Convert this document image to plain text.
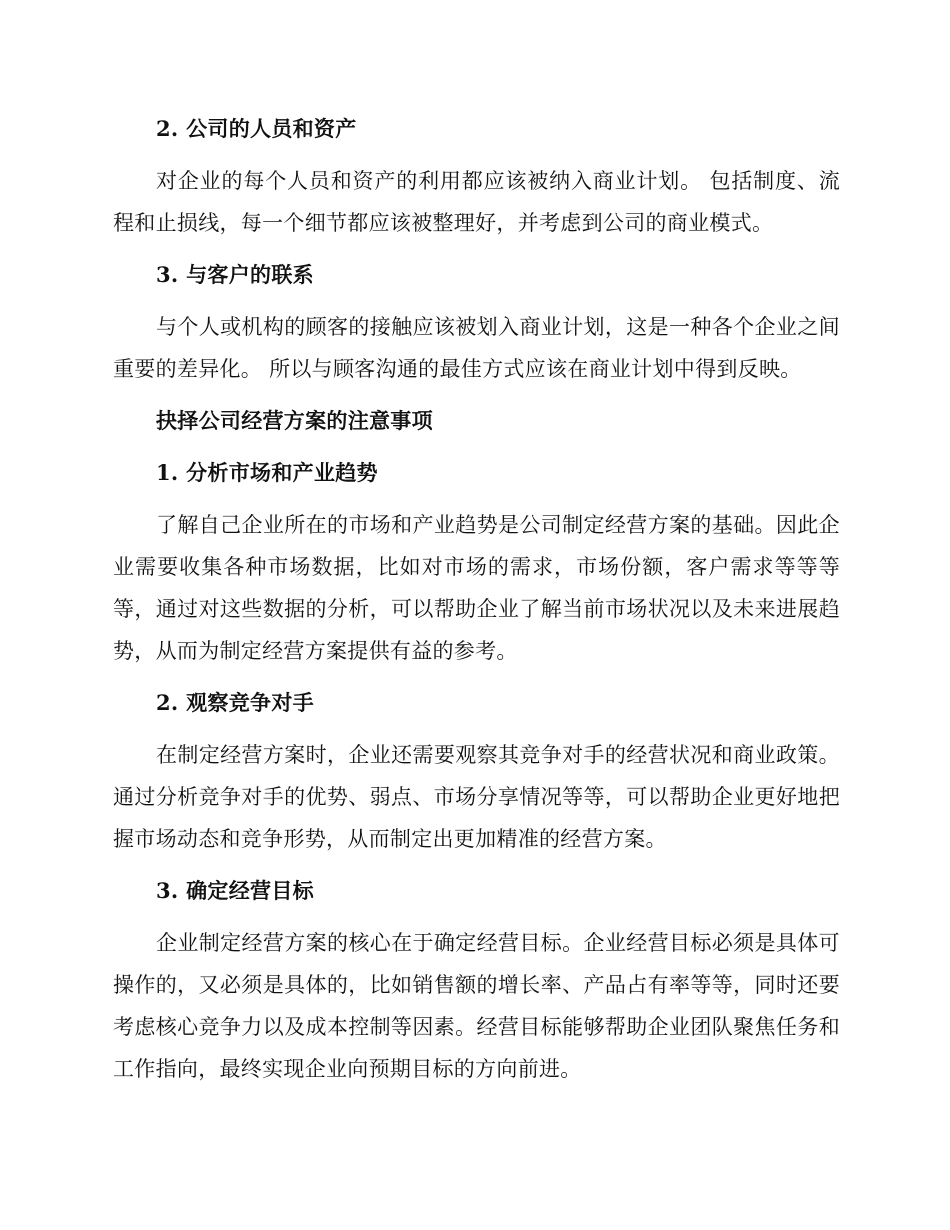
2. 公司的人员和资产
对企业的每个人员和资产的利用都应该被纳入商业计划。 包括制度、流程和止损线，每一个细节都应该被整理好，并考虑到公司的商业模式。
3. 与客户的联系
与个人或机构的顾客的接触应该被划入商业计划，这是一种各个企业之间重要的差异化。 所以与顾客沟通的最佳方式应该在商业计划中得到反映。
抉择公司经营方案的注意事项
1. 分析市场和产业趋势
了解自己企业所在的市场和产业趋势是公司制定经营方案的基础。因此企业需要收集各种市场数据，比如对市场的需求，市场份额，客户需求等等等等，通过对这些数据的分析，可以帮助企业了解当前市场状况以及未来进展趋势，从而为制定经营方案提供有益的参考。
2. 观察竞争对手
在制定经营方案时，企业还需要观察其竞争对手的经营状况和商业政策。通过分析竞争对手的优势、弱点、市场分享情况等等，可以帮助企业更好地把握市场动态和竞争形势，从而制定出更加精准的经营方案。
3. 确定经营目标
企业制定经营方案的核心在于确定经营目标。企业经营目标必须是具体可操作的，又必须是具体的，比如销售额的增长率、产品占有率等等，同时还要考虑核心竞争力以及成本控制等因素。经营目标能够帮助企业团队聚焦任务和工作指向，最终实现企业向预期目标的方向前进。
